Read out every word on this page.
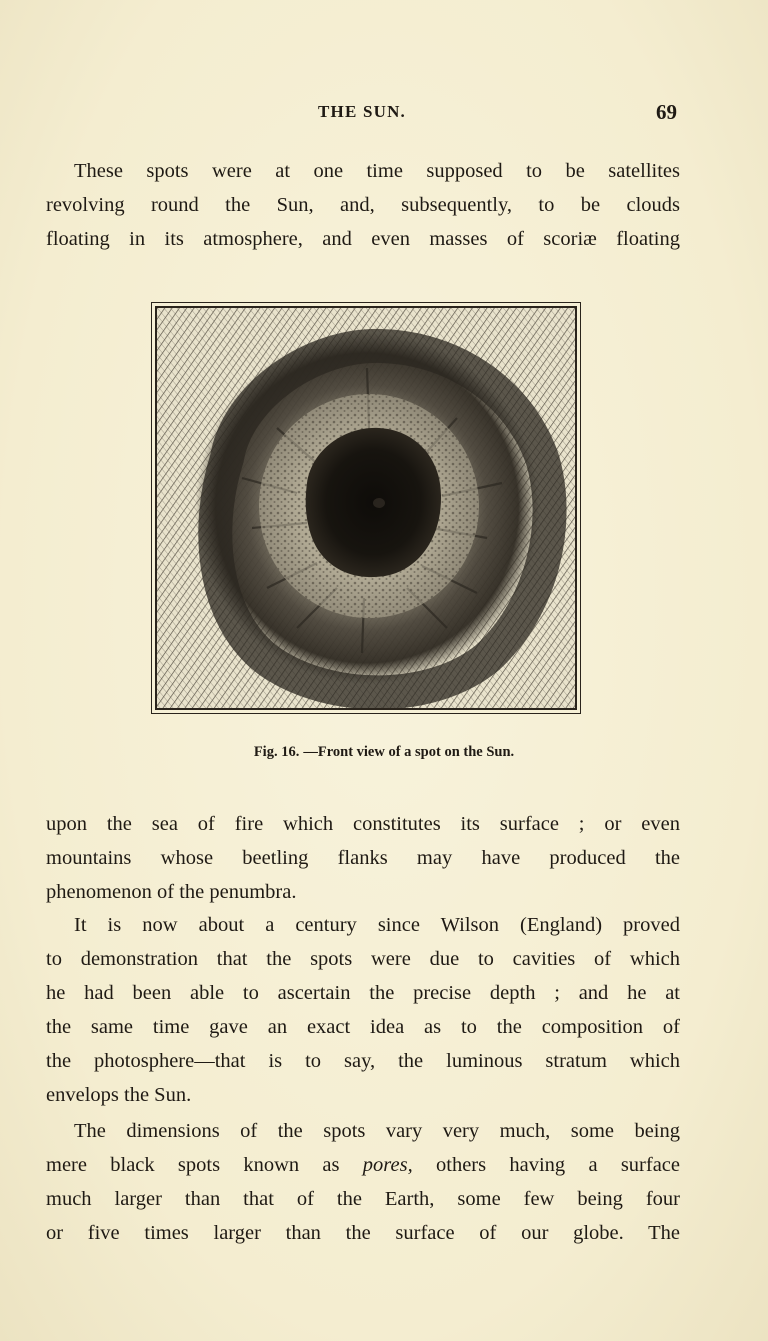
THE SUN.	69

These spots were at one time supposed to be satellites
revolving round the Sun, and, subsequently, to be clouds
floating in its atmosphere, and even masses of scoriæ floating

Fig. 16. —Front view of a spot on the Sun.

upon the sea of fire which constitutes its surface ; or even
mountains whose beetling flanks may have produced the
phenomenon of the penumbra.

It is now about a century since Wilson (England) proved
to demonstration that the spots were due to cavities of which
he had been able to ascertain the precise depth ; and he at
the same time gave an exact idea as to the composition of
the photosphere—that is to say, the luminous stratum which
envelops the Sun.

The dimensions of the spots vary very much, some being
mere black spots known as pores, others having a surface
much larger than that of the Earth, some few being four
or five times larger than the surface of our globe. The
